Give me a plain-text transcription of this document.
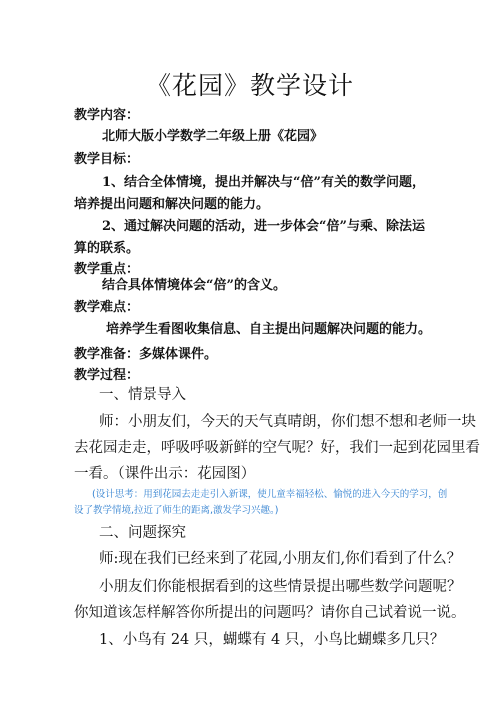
《花园》教学设计
教学内容：
北师大版小学数学二年级上册《花园》
教学目标：
1、结合全体情境，提出并解决与“倍”有关的数学问题，
培养提出问题和解决问题的能力。
2、通过解决问题的活动，进一步体会“倍”与乘、除法运
算的联系。
教学重点：
结合具体情境体会“倍”的含义。
教学难点：
培养学生看图收集信息、自主提出问题解决问题的能力。
教学准备：多媒体课件。
教学过程：
一、情景导入
师：小朋友们，今天的天气真晴朗，你们想不想和老师一块
去花园走走，呼吸呼吸新鲜的空气呢？好，我们一起到花园里看
一看。（课件出示：花园图）
(设计思考：用到花园去走走引入新课，使儿童幸福轻松、愉悦的进入今天的学习，创
设了教学情境,拉近了师生的距离,激发学习兴趣。)
二、问题探究
师:现在我们已经来到了花园,小朋友们,你们看到了什么？
小朋友们你能根据看到的这些情景提出哪些数学问题呢？
你知道该怎样解答你所提出的问题吗？请你自己试着说一说。
1、小鸟有 24 只，蝴蝶有 4 只，小鸟比蝴蝶多几只？
